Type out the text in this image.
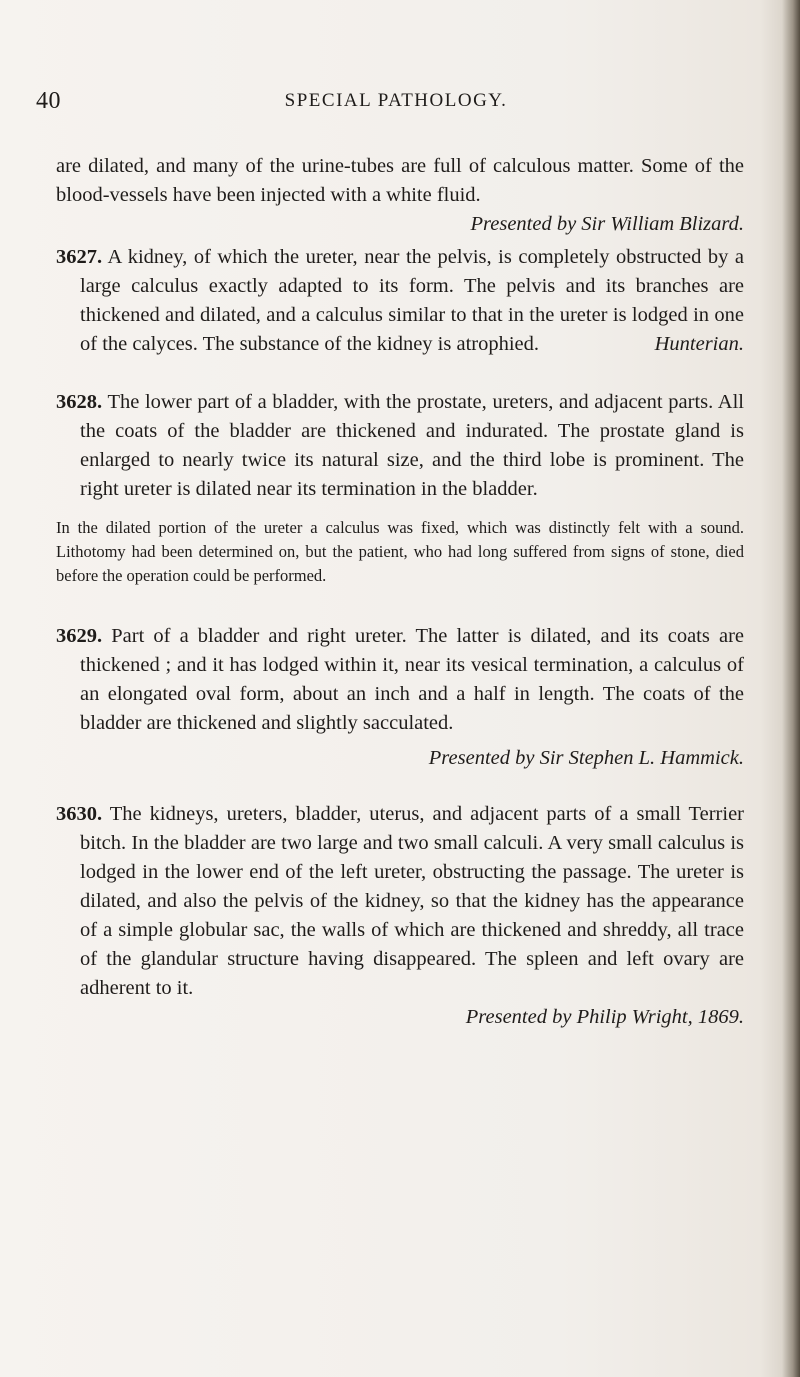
40	SPECIAL PATHOLOGY.

are dilated, and many of the urine-tubes are full of calculous matter. Some of the blood-vessels have been injected with a white fluid.
Presented by Sir William Blizard.

3627. A kidney, of which the ureter, near the pelvis, is completely obstructed by a large calculus exactly adapted to its form. The pelvis and its branches are thickened and dilated, and a calculus similar to that in the ureter is lodged in one of the calyces. The substance of the kidney is atrophied.	Hunterian.

3628. The lower part of a bladder, with the prostate, ureters, and adjacent parts. All the coats of the bladder are thickened and indurated. The prostate gland is enlarged to nearly twice its natural size, and the third lobe is prominent. The right ureter is dilated near its termination in the bladder.

In the dilated portion of the ureter a calculus was fixed, which was distinctly felt with a sound. Lithotomy had been determined on, but the patient, who had long suffered from signs of stone, died before the operation could be performed.

3629. Part of a bladder and right ureter. The latter is dilated, and its coats are thickened ; and it has lodged within it, near its vesical termination, a calculus of an elongated oval form, about an inch and a half in length. The coats of the bladder are thickened and slightly sacculated.

Presented by Sir Stephen L. Hammick.

3630. The kidneys, ureters, bladder, uterus, and adjacent parts of a small Terrier bitch. In the bladder are two large and two small calculi. A very small calculus is lodged in the lower end of the left ureter, obstructing the passage. The ureter is dilated, and also the pelvis of the kidney, so that the kidney has the appearance of a simple globular sac, the walls of which are thickened and shreddy, all trace of the glandular structure having disappeared. The spleen and left ovary are adherent to it.

Presented by Philip Wright, 1869.
